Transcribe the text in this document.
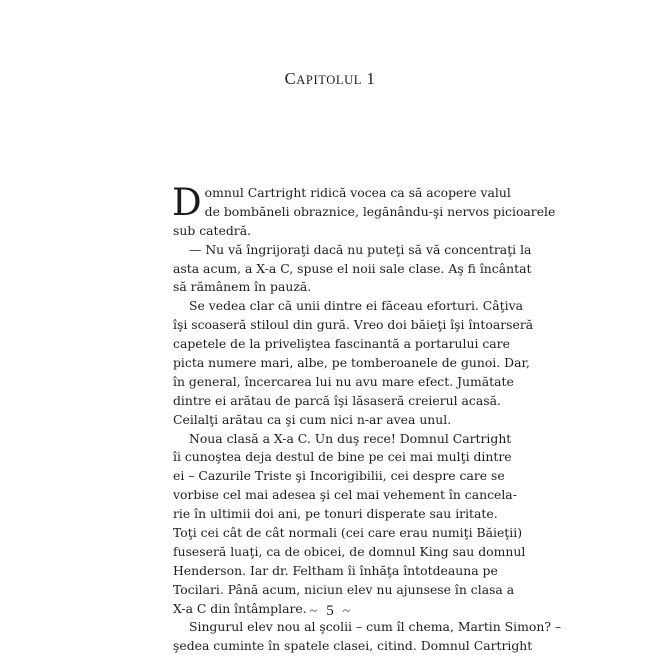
CAPITOLUL 1
D omnul Cartright ridică vocea ca să acopere valul
de bombăneli obraznice, legănându-şi nervos picioarele
sub catedră.
— Nu vă îngrijoraţi dacă nu puteţi să vă concentraţi la
asta acum, a X-a C, spuse el noii sale clase. Aş fi încântat
să rămânem în pauză.
Se vedea clar că unii dintre ei făceau eforturi. Câţiva
îşi scoaseră stiloul din gură. Vreo doi băieţi îşi întoarseră
capetele de la priveliştea fascinantă a portarului care
picta numere mari, albe, pe tomberoanele de gunoi. Dar,
în general, încercarea lui nu avu mare efect. Jumătate
dintre ei arătau de parcă îşi lăsaseră creierul acasă.
Ceilalţi arătau ca şi cum nici n-ar avea unul.
Noua clasă a X-a C. Un duş rece! Domnul Cartright
îi cunoştea deja destul de bine pe cei mai mulţi dintre
ei – Cazurile Triste şi Incorigibilii, cei despre care se
vorbise cel mai adesea şi cel mai vehement în cancela-
rie în ultimii doi ani, pe tonuri disperate sau iritate.
Toţi cei cât de cât normali (cei care erau numiţi Băieţii)
fuseseră luaţi, ca de obicei, de domnul King sau domnul
Henderson. Iar dr. Feltham îi înhăţa întotdeauna pe
Tocilari. Până acum, niciun elev nu ajunsese în clasa a
X-a C din întâmplare.
Singurul elev nou al şcolii – cum îl chema, Martin Simon? –
şedea cuminte în spatele clasei, citind. Domnul Cartright
~ 5 ~
